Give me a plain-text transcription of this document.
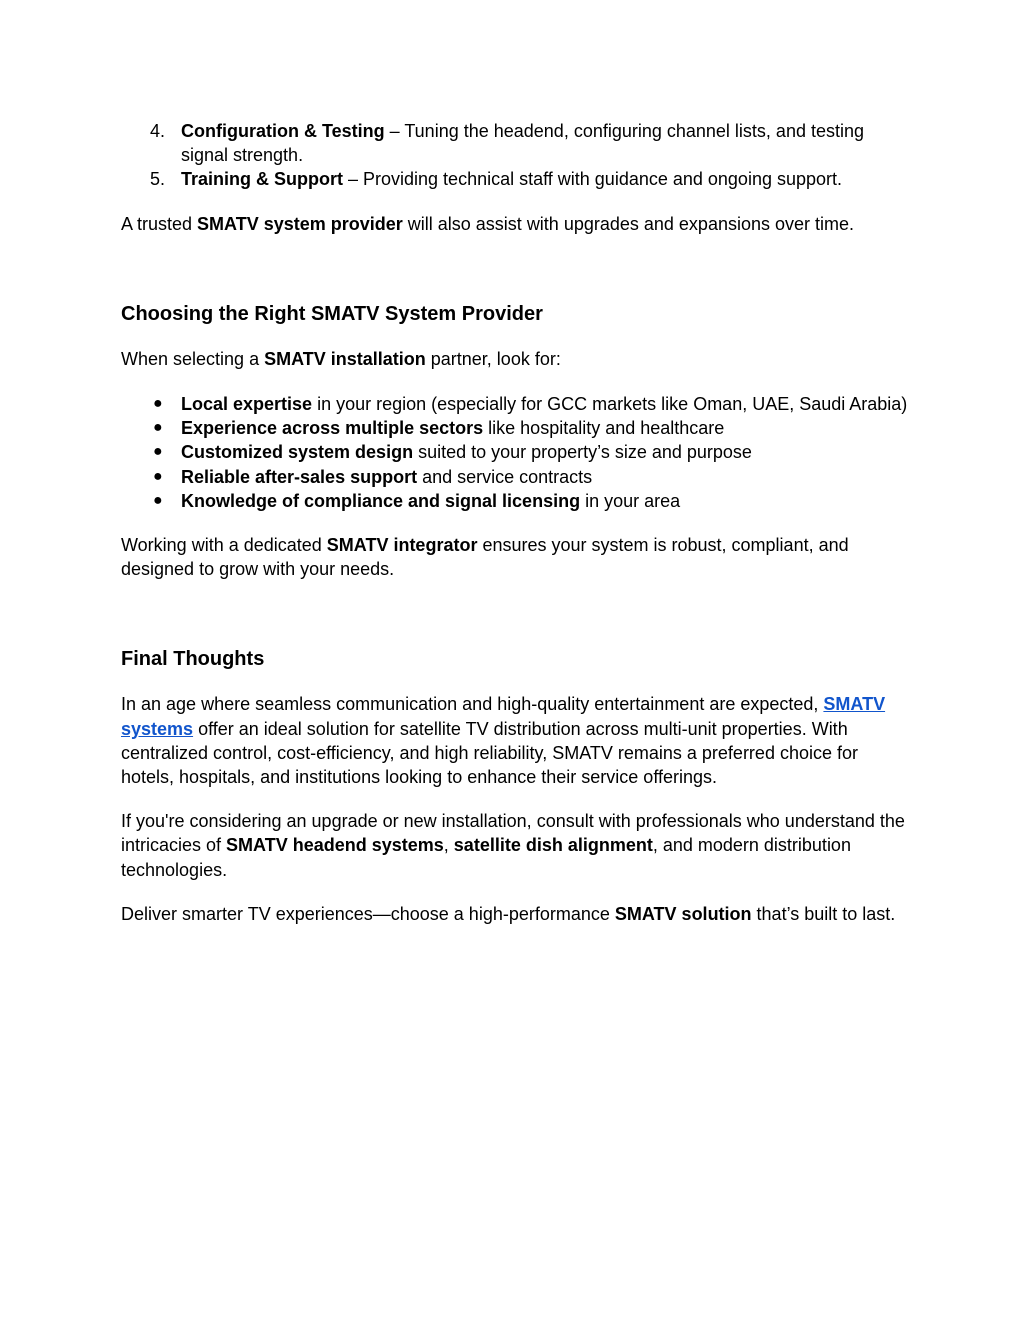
4. Configuration & Testing – Tuning the headend, configuring channel lists, and testing signal strength.
5. Training & Support – Providing technical staff with guidance and ongoing support.

A trusted SMATV system provider will also assist with upgrades and expansions over time.

Choosing the Right SMATV System Provider

When selecting a SMATV installation partner, look for:

● Local expertise in your region (especially for GCC markets like Oman, UAE, Saudi Arabia)
● Experience across multiple sectors like hospitality and healthcare
● Customized system design suited to your property’s size and purpose
● Reliable after-sales support and service contracts
● Knowledge of compliance and signal licensing in your area

Working with a dedicated SMATV integrator ensures your system is robust, compliant, and designed to grow with your needs.

Final Thoughts

In an age where seamless communication and high-quality entertainment are expected, SMATV systems offer an ideal solution for satellite TV distribution across multi-unit properties. With centralized control, cost-efficiency, and high reliability, SMATV remains a preferred choice for hotels, hospitals, and institutions looking to enhance their service offerings.

If you're considering an upgrade or new installation, consult with professionals who understand the intricacies of SMATV headend systems, satellite dish alignment, and modern distribution technologies.

Deliver smarter TV experiences—choose a high-performance SMATV solution that’s built to last.
